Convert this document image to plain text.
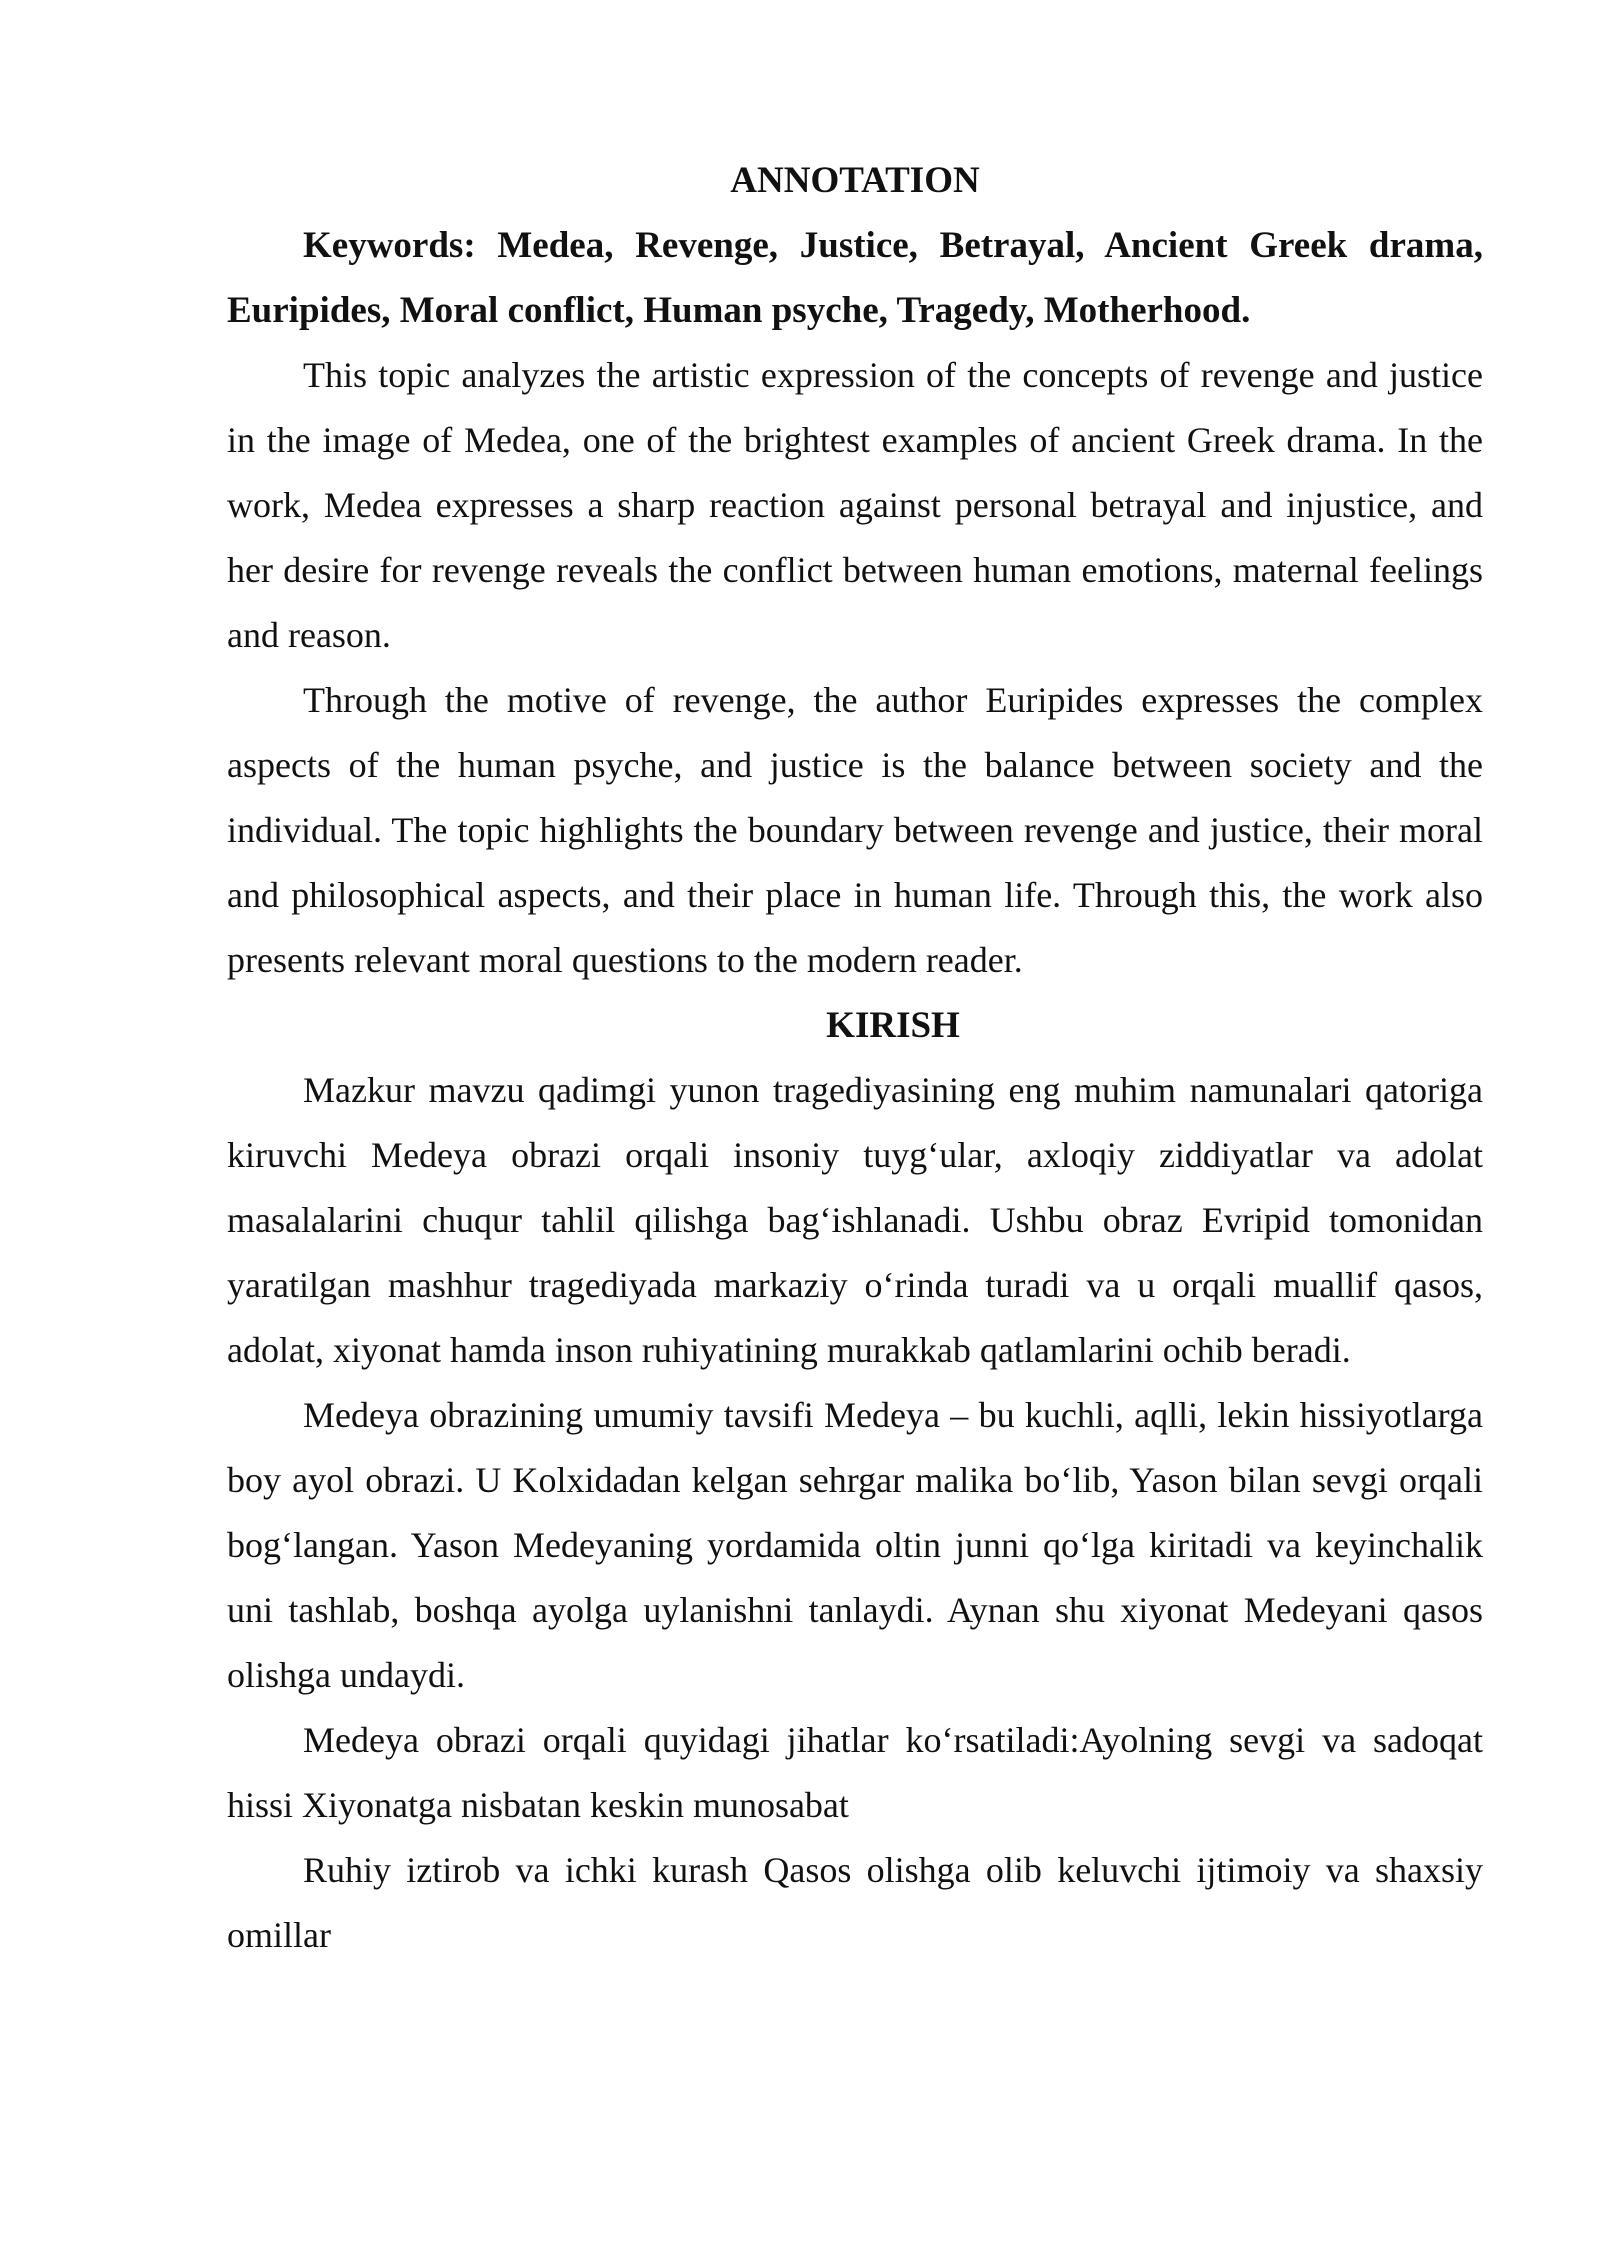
ANNOTATION

Keywords: Medea, Revenge, Justice, Betrayal, Ancient Greek drama, Euripides, Moral conflict, Human psyche, Tragedy, Motherhood.

This topic analyzes the artistic expression of the concepts of revenge and justice in the image of Medea, one of the brightest examples of ancient Greek drama. In the work, Medea expresses a sharp reaction against personal betrayal and injustice, and her desire for revenge reveals the conflict between human emotions, maternal feelings and reason.

Through the motive of revenge, the author Euripides expresses the complex aspects of the human psyche, and justice is the balance between society and the individual. The topic highlights the boundary between revenge and justice, their moral and philosophical aspects, and their place in human life. Through this, the work also presents relevant moral questions to the modern reader.

KIRISH

Mazkur mavzu qadimgi yunon tragediyasining eng muhim namunalari qatoriga kiruvchi Medeya obrazi orqali insoniy tuyg‘ular, axloqiy ziddiyatlar va adolat masalalarini chuqur tahlil qilishga bag‘ishlanadi. Ushbu obraz Evripid tomonidan yaratilgan mashhur tragediyada markaziy o‘rinda turadi va u orqali muallif qasos, adolat, xiyonat hamda inson ruhiyatining murakkab qatlamlarini ochib beradi.

Medeya obrazining umumiy tavsifi Medeya – bu kuchli, aqlli, lekin hissiyotlarga boy ayol obrazi. U Kolxidadan kelgan sehrgar malika bo‘lib, Yason bilan sevgi orqali bog‘langan. Yason Medeyaning yordamida oltin junni qo‘lga kiritadi va keyinchalik uni tashlab, boshqa ayolga uylanishni tanlaydi. Aynan shu xiyonat Medeyani qasos olishga undaydi.

Medeya obrazi orqali quyidagi jihatlar ko‘rsatiladi:Ayolning sevgi va sadoqat hissi Xiyonatga nisbatan keskin munosabat

Ruhiy iztirob va ichki kurash Qasos olishga olib keluvchi ijtimoiy va shaxsiy omillar
